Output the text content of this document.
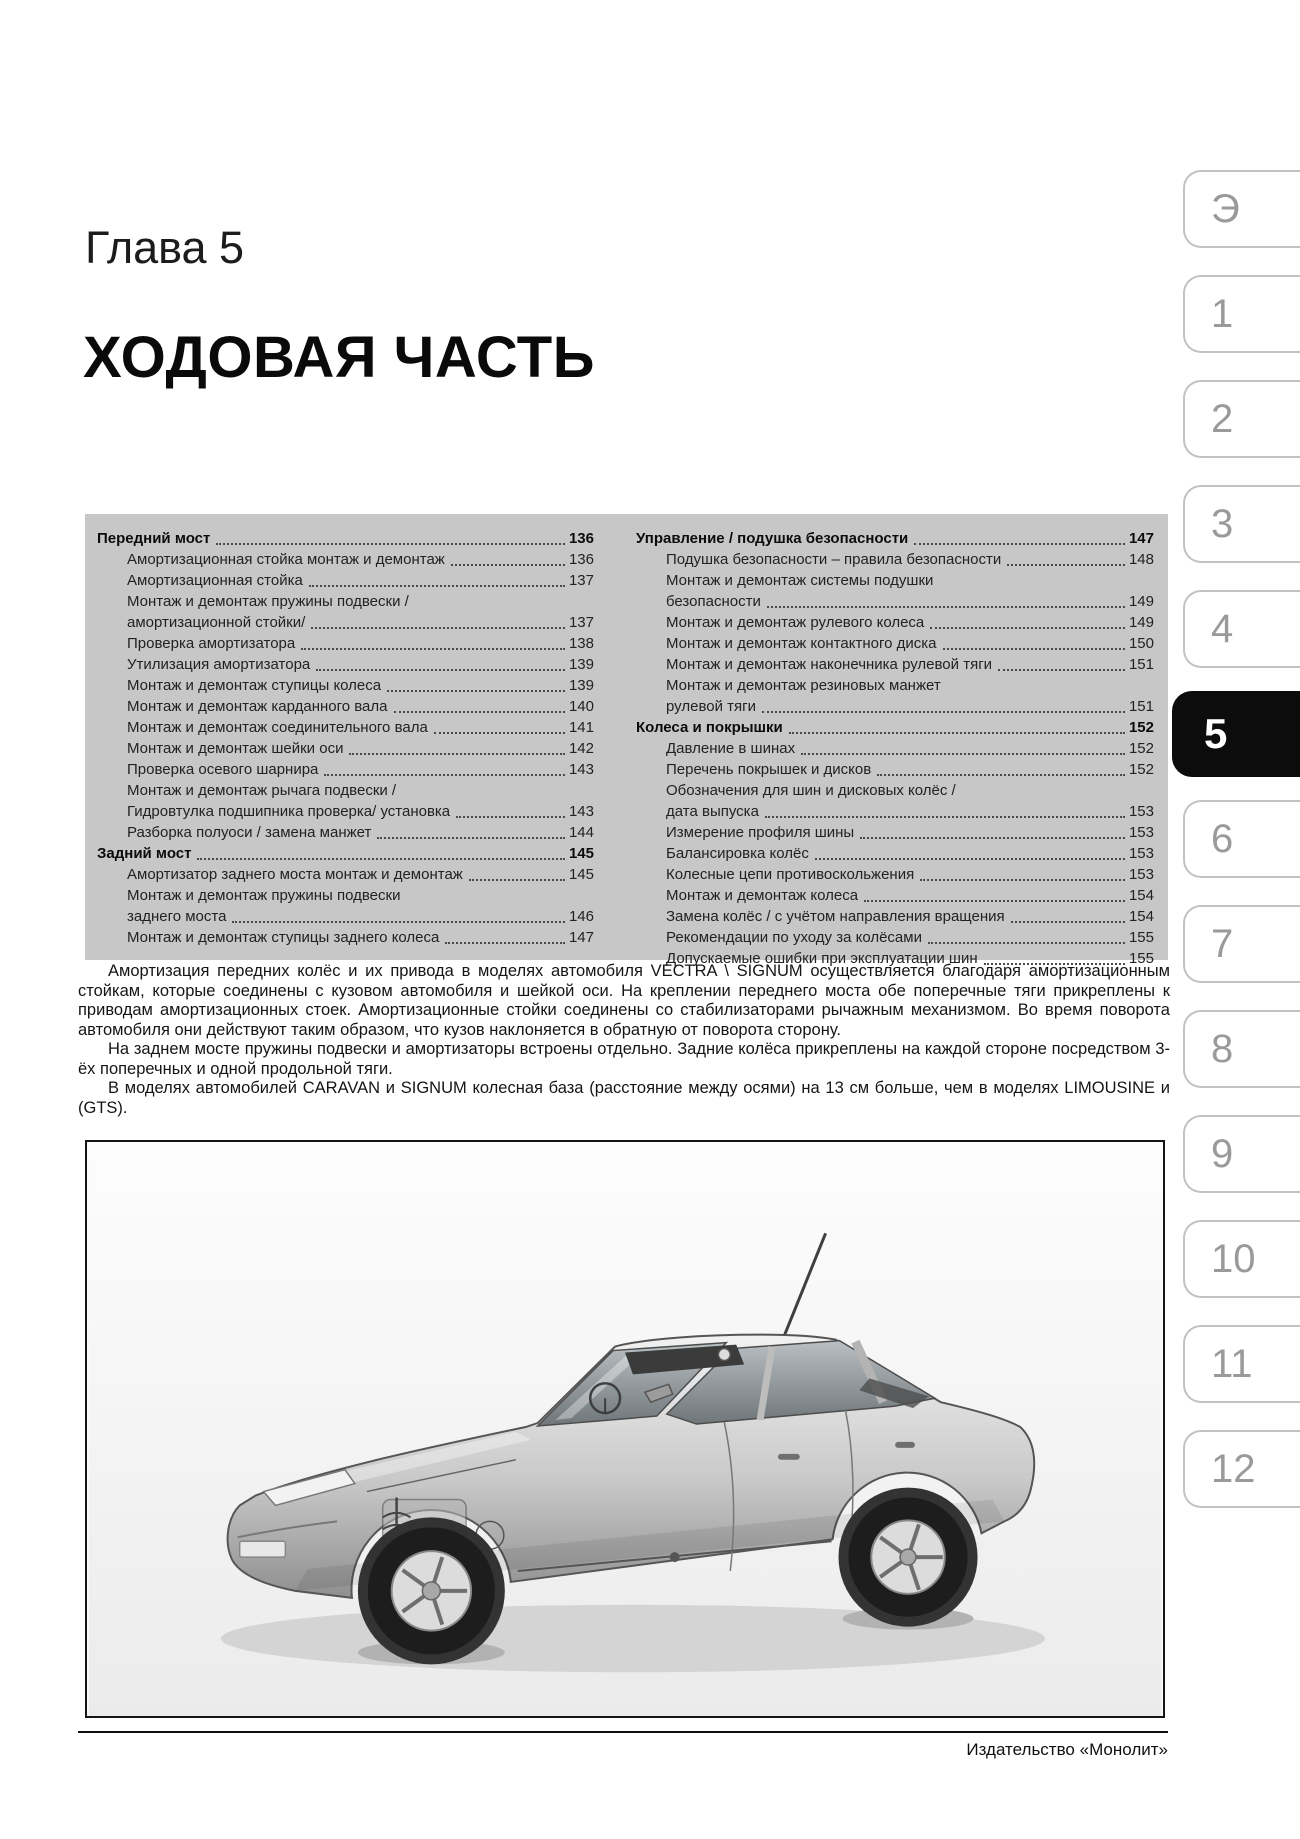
Глава 5
ХОДОВАЯ ЧАСТЬ
Передний мост	136
Амортизационная стойка монтаж и демонтаж	136
Амортизационная стойка	137
Монтаж и демонтаж пружины подвески /
амортизационной стойки/	137
Проверка амортизатора	138
Утилизация амортизатора	139
Монтаж и демонтаж ступицы колеса	139
Монтаж и демонтаж карданного вала	140
Монтаж и демонтаж соединительного вала	141
Монтаж и демонтаж шейки оси	142
Проверка осевого шарнира	143
Монтаж и демонтаж рычага подвески /
Гидровтулка подшипника проверка/ установка	143
Разборка полуоси / замена манжет	144
Задний мост	145
Амортизатор заднего моста монтаж и демонтаж	145
Монтаж и демонтаж пружины подвески
заднего моста	146
Монтаж и демонтаж ступицы заднего колеса	147
Управление / подушка безопасности	147
Подушка безопасности – правила безопасности	148
Монтаж и демонтаж системы подушки
безопасности	149
Монтаж и демонтаж рулевого колеса	149
Монтаж и демонтаж контактного диска	150
Монтаж и демонтаж наконечника рулевой тяги	151
Монтаж и демонтаж резиновых манжет
рулевой тяги	151
Колеса и покрышки	152
Давление в шинах	152
Перечень покрышек и дисков	152
Обозначения для шин и дисковых колёс /
дата выпуска	153
Измерение профиля шины	153
Балансировка колёс	153
Колесные цепи противоскольжения	153
Монтаж и демонтаж колеса	154
Замена колёс / с учётом направления вращения	154
Рекомендации по уходу за колёсами	155
Допускаемые ошибки при эксплуатации шин	155

Амортизация передних колёс и их привода в моделях автомобиля VECTRA \ SIGNUM осуществляется благодаря амортизационным стойкам, которые соединены с кузовом автомобиля и шейкой оси. На креплении переднего моста обе поперечные тяги прикреплены к приводам амортизационных стоек. Амортизационные стойки соединены со стабилизаторами рычажным механизмом. Во время поворота автомобиля они действуют таким образом, что кузов наклоняется в обратную от поворота сторону.

На заднем мосте пружины подвески и амортизаторы встроены отдельно. Задние колёса прикреплены на каждой стороне посредством 3-ёх поперечных и одной продольной тяги.

В моделях автомобилей CARAVAN и SIGNUM колесная база (расстояние между осями) на 13 см больше, чем в моделях LIMOUSINE и (GTS).

Издательство «Монолит»
Э
1
2
3
4
5
6
7
8
9
10
11
12
